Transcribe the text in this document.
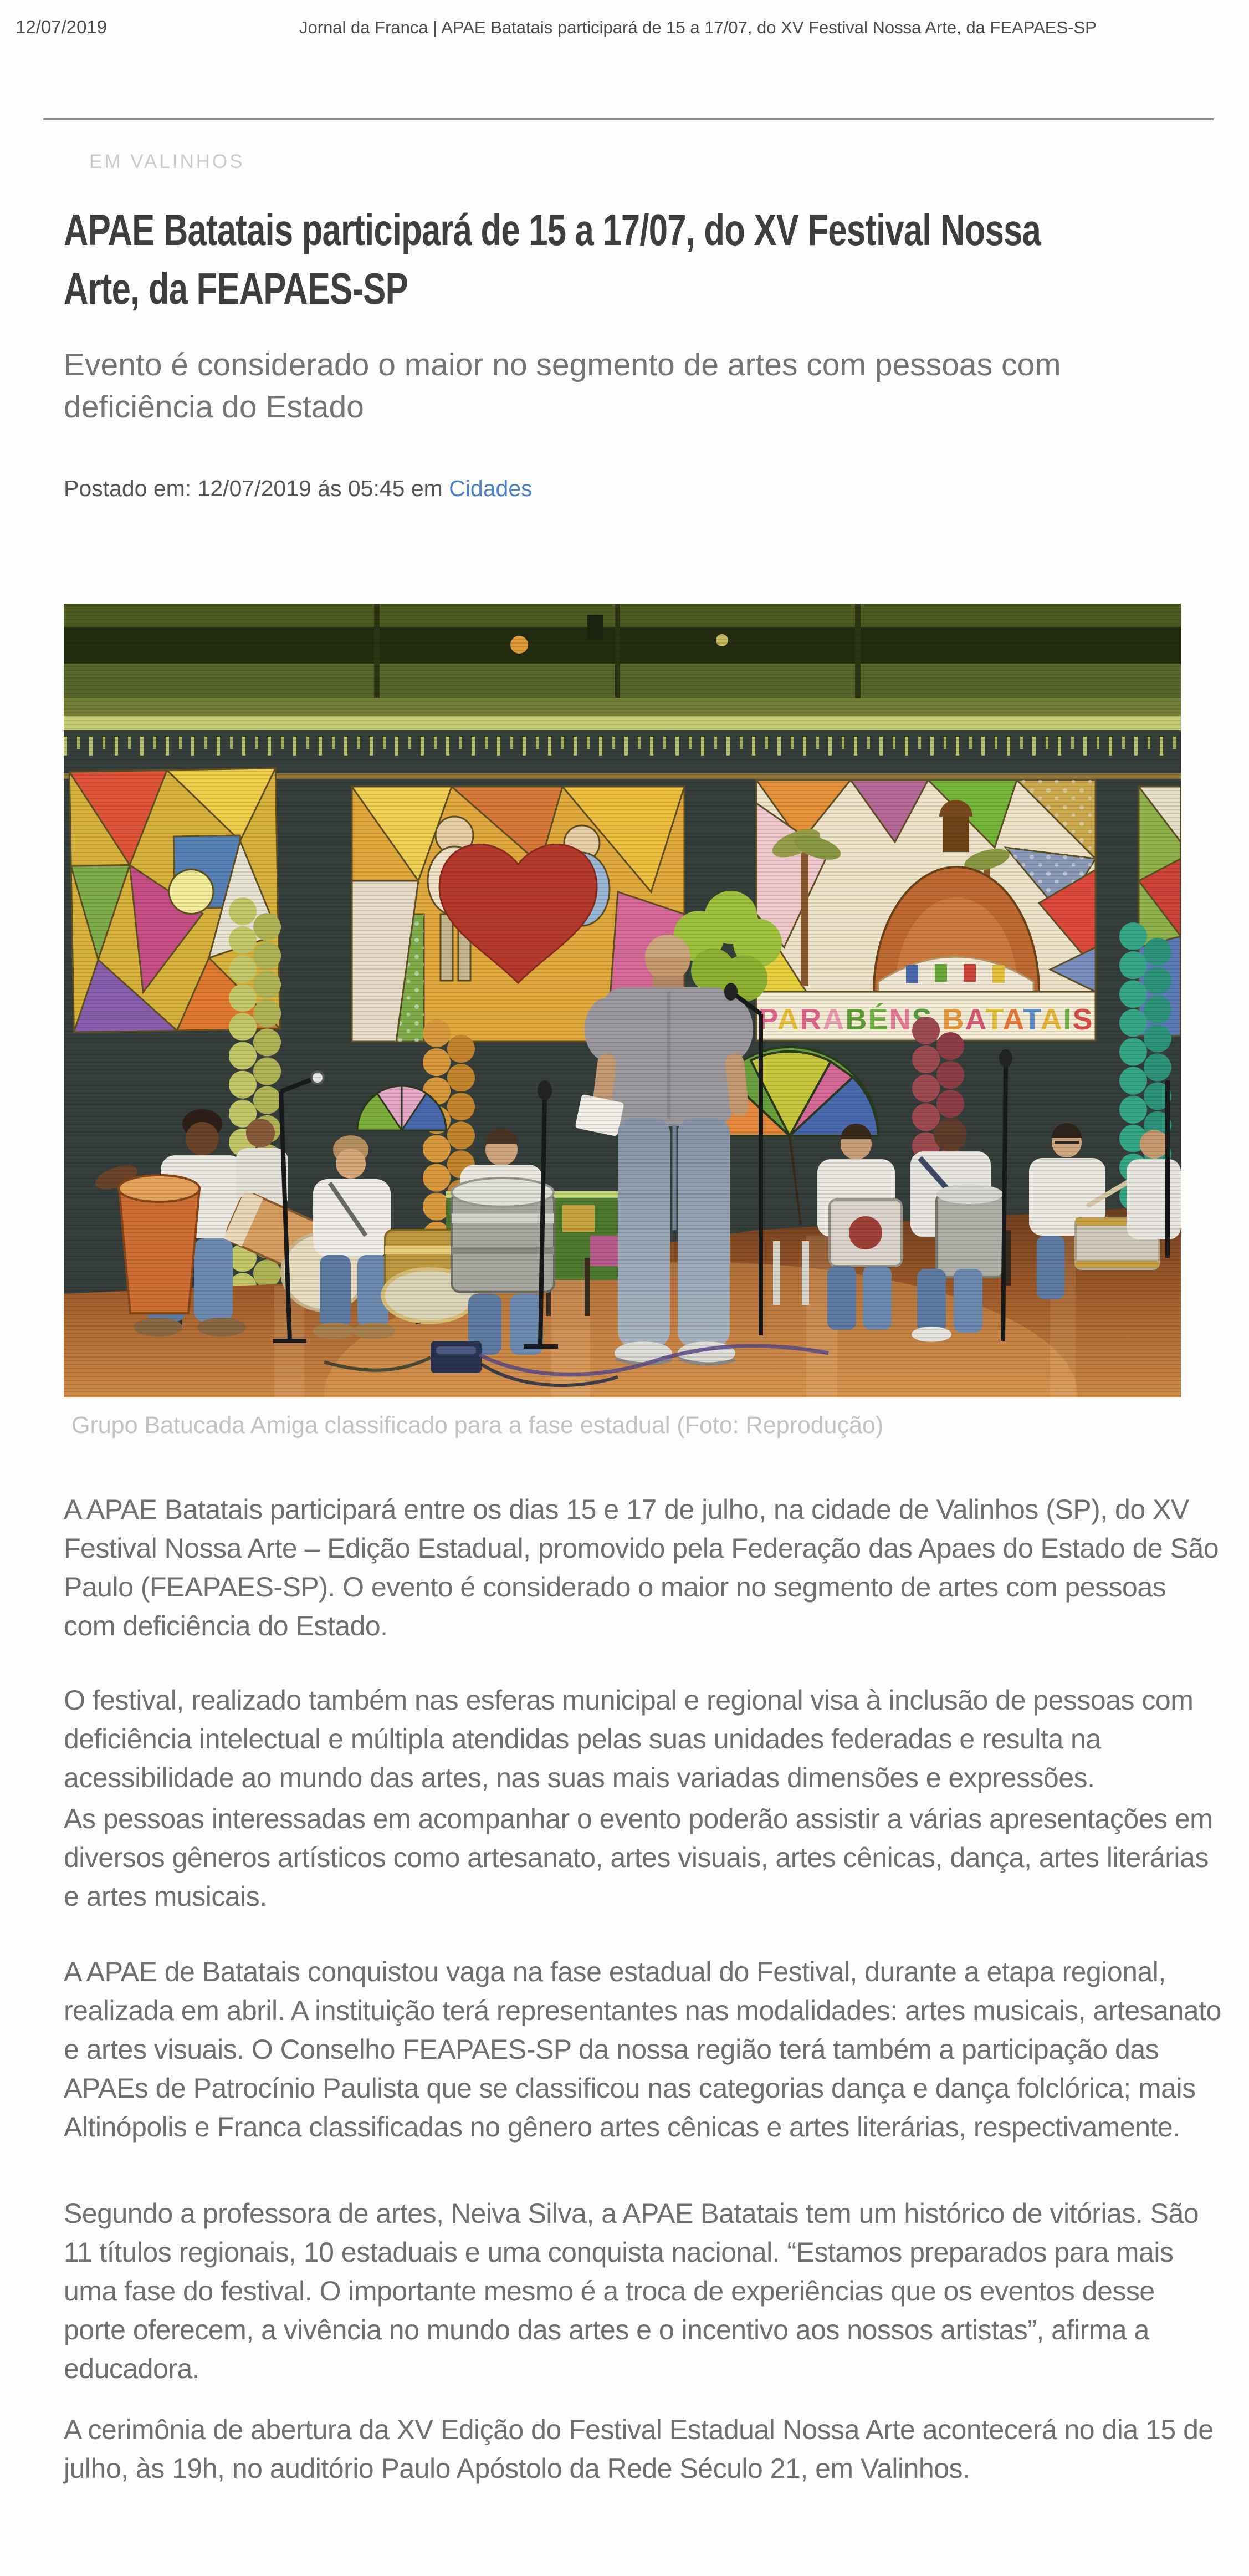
12/07/2019	Jornal da Franca | APAE Batatais participará de 15 a 17/07, do XV Festival Nossa Arte, da FEAPAES-SP
EM VALINHOS
APAE Batatais participará de 15 a 17/07, do XV Festival Nossa
Arte, da FEAPAES-SP
Evento é considerado o maior no segmento de artes com pessoas com deficiência do Estado
Postado em: 12/07/2019 ás 05:45 em Cidades
Grupo Batucada Amiga classificado para a fase estadual (Foto: Reprodução)

A APAE Batatais participará entre os dias 15 e 17 de julho, na cidade de Valinhos (SP), do XV Festival Nossa Arte – Edição Estadual, promovido pela Federação das Apaes do Estado de São Paulo (FEAPAES-SP). O evento é considerado o maior no segmento de artes com pessoas com deficiência do Estado.

O festival, realizado também nas esferas municipal e regional visa à inclusão de pessoas com deficiência intelectual e múltipla atendidas pelas suas unidades federadas e resulta na acessibilidade ao mundo das artes, nas suas mais variadas dimensões e expressões.

As pessoas interessadas em acompanhar o evento poderão assistir a várias apresentações em diversos gêneros artísticos como artesanato, artes visuais, artes cênicas, dança, artes literárias e artes musicais.

A APAE de Batatais conquistou vaga na fase estadual do Festival, durante a etapa regional, realizada em abril. A instituição terá representantes nas modalidades: artes musicais, artesanato e artes visuais. O Conselho FEAPAES-SP da nossa região terá também a participação das APAEs de Patrocínio Paulista que se classificou nas categorias dança e dança folclórica; mais Altinópolis e Franca classificadas no gênero artes cênicas e artes literárias, respectivamente.

Segundo a professora de artes, Neiva Silva, a APAE Batatais tem um histórico de vitórias. São 11 títulos regionais, 10 estaduais e uma conquista nacional. “Estamos preparados para mais uma fase do festival. O importante mesmo é a troca de experiências que os eventos desse porte oferecem, a vivência no mundo das artes e o incentivo aos nossos artistas”, afirma a educadora.

A cerimônia de abertura da XV Edição do Festival Estadual Nossa Arte acontecerá no dia 15 de julho, às 19h, no auditório Paulo Apóstolo da Rede Século 21, em Valinhos.
